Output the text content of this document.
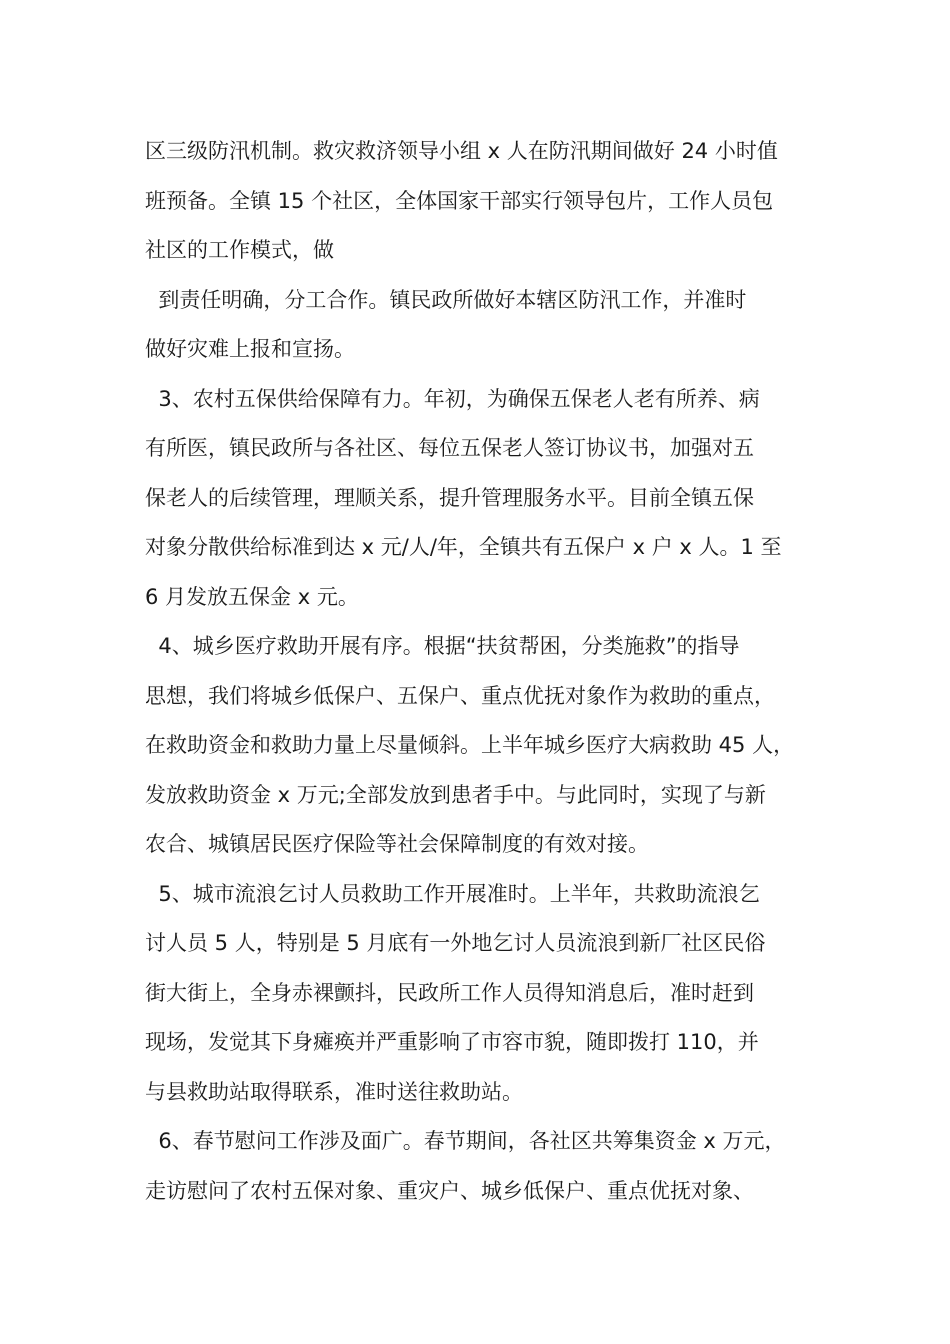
区三级防汛机制。救灾救济领导小组 x 人在防汛期间做好 24 小时值
班预备。全镇 15 个社区，全体国家干部实行领导包片，工作人员包
社区的工作模式，做
到责任明确，分工合作。镇民政所做好本辖区防汛工作，并准时
做好灾难上报和宣扬。
3、农村五保供给保障有力。年初，为确保五保老人老有所养、病
有所医，镇民政所与各社区、每位五保老人签订协议书，加强对五
保老人的后续管理，理顺关系，提升管理服务水平。目前全镇五保
对象分散供给标准到达 x 元/人/年，全镇共有五保户 x 户 x 人。1 至
6 月发放五保金 x 元。
4、城乡医疗救助开展有序。根据“扶贫帮困，分类施救”的指导
思想，我们将城乡低保户、五保户、重点优抚对象作为救助的重点，
在救助资金和救助力量上尽量倾斜。上半年城乡医疗大病救助 45 人，
发放救助资金 x 万元;全部发放到患者手中。与此同时，实现了与新
农合、城镇居民医疗保险等社会保障制度的有效对接。
5、城市流浪乞讨人员救助工作开展准时。上半年，共救助流浪乞
讨人员 5 人，特别是 5 月底有一外地乞讨人员流浪到新厂社区民俗
街大街上，全身赤裸颤抖，民政所工作人员得知消息后，准时赶到
现场，发觉其下身瘫痪并严重影响了市容市貌，随即拨打 110，并
与县救助站取得联系，准时送往救助站。
6、春节慰问工作涉及面广。春节期间，各社区共筹集资金 x 万元，
走访慰问了农村五保对象、重灾户、城乡低保户、重点优抚对象、
